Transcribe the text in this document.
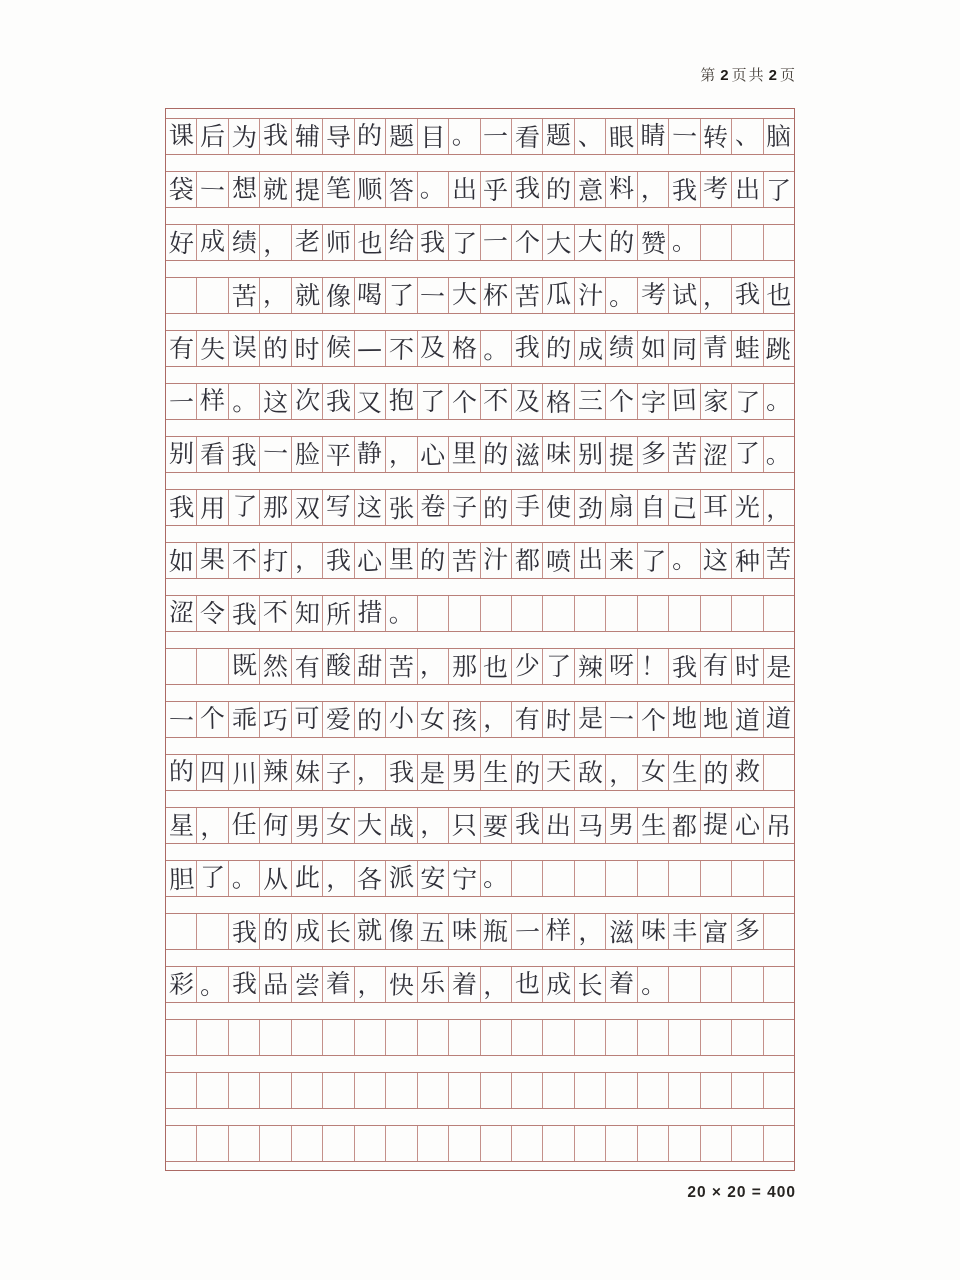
第 2 页共 2 页
课 后 为 我 辅 导 的 题 目 。 一 看 题 、 眼 睛 一 转 、 脑
袋 一 想 就 提 笔 顺 答 。 出 乎 我 的 意 料 ， 我 考 出 了
好 成 绩 ， 老 师 也 给 我 了 一 个 大 大 的 赞 。
苦 ， 就 像 喝 了 一 大 杯 苦 瓜 汁 。 考 试 ， 我 也
有 失 误 的 时 候 — 不 及 格 。 我 的 成 绩 如 同 青 蛙 跳
一 样 。 这 次 我 又 抱 了 个 不 及 格 三 个 字 回 家 了 。
别 看 我 一 脸 平 静 ， 心 里 的 滋 味 别 提 多 苦 涩 了 。
我 用 了 那 双 写 这 张 卷 子 的 手 使 劲 扇 自 己 耳 光 ，
如 果 不 打 ， 我 心 里 的 苦 汁 都 喷 出 来 了 。 这 种 苦
涩 令 我 不 知 所 措 。
既 然 有 酸 甜 苦 ， 那 也 少 了 辣 呀 ！ 我 有 时 是
一 个 乖 巧 可 爱 的 小 女 孩 ， 有 时 是 一 个 地 地 道 道
的 四 川 辣 妹 子 ， 我 是 男 生 的 天 敌 ， 女 生 的 救
星 ， 任 何 男 女 大 战 ， 只 要 我 出 马 男 生 都 提 心 吊
胆 了 。 从 此 ， 各 派 安 宁 。
我 的 成 长 就 像 五 味 瓶 一 样 ， 滋 味 丰 富 多
彩 。 我 品 尝 着 ， 快 乐 着 ， 也 成 长 着 。
20 × 20 = 400
